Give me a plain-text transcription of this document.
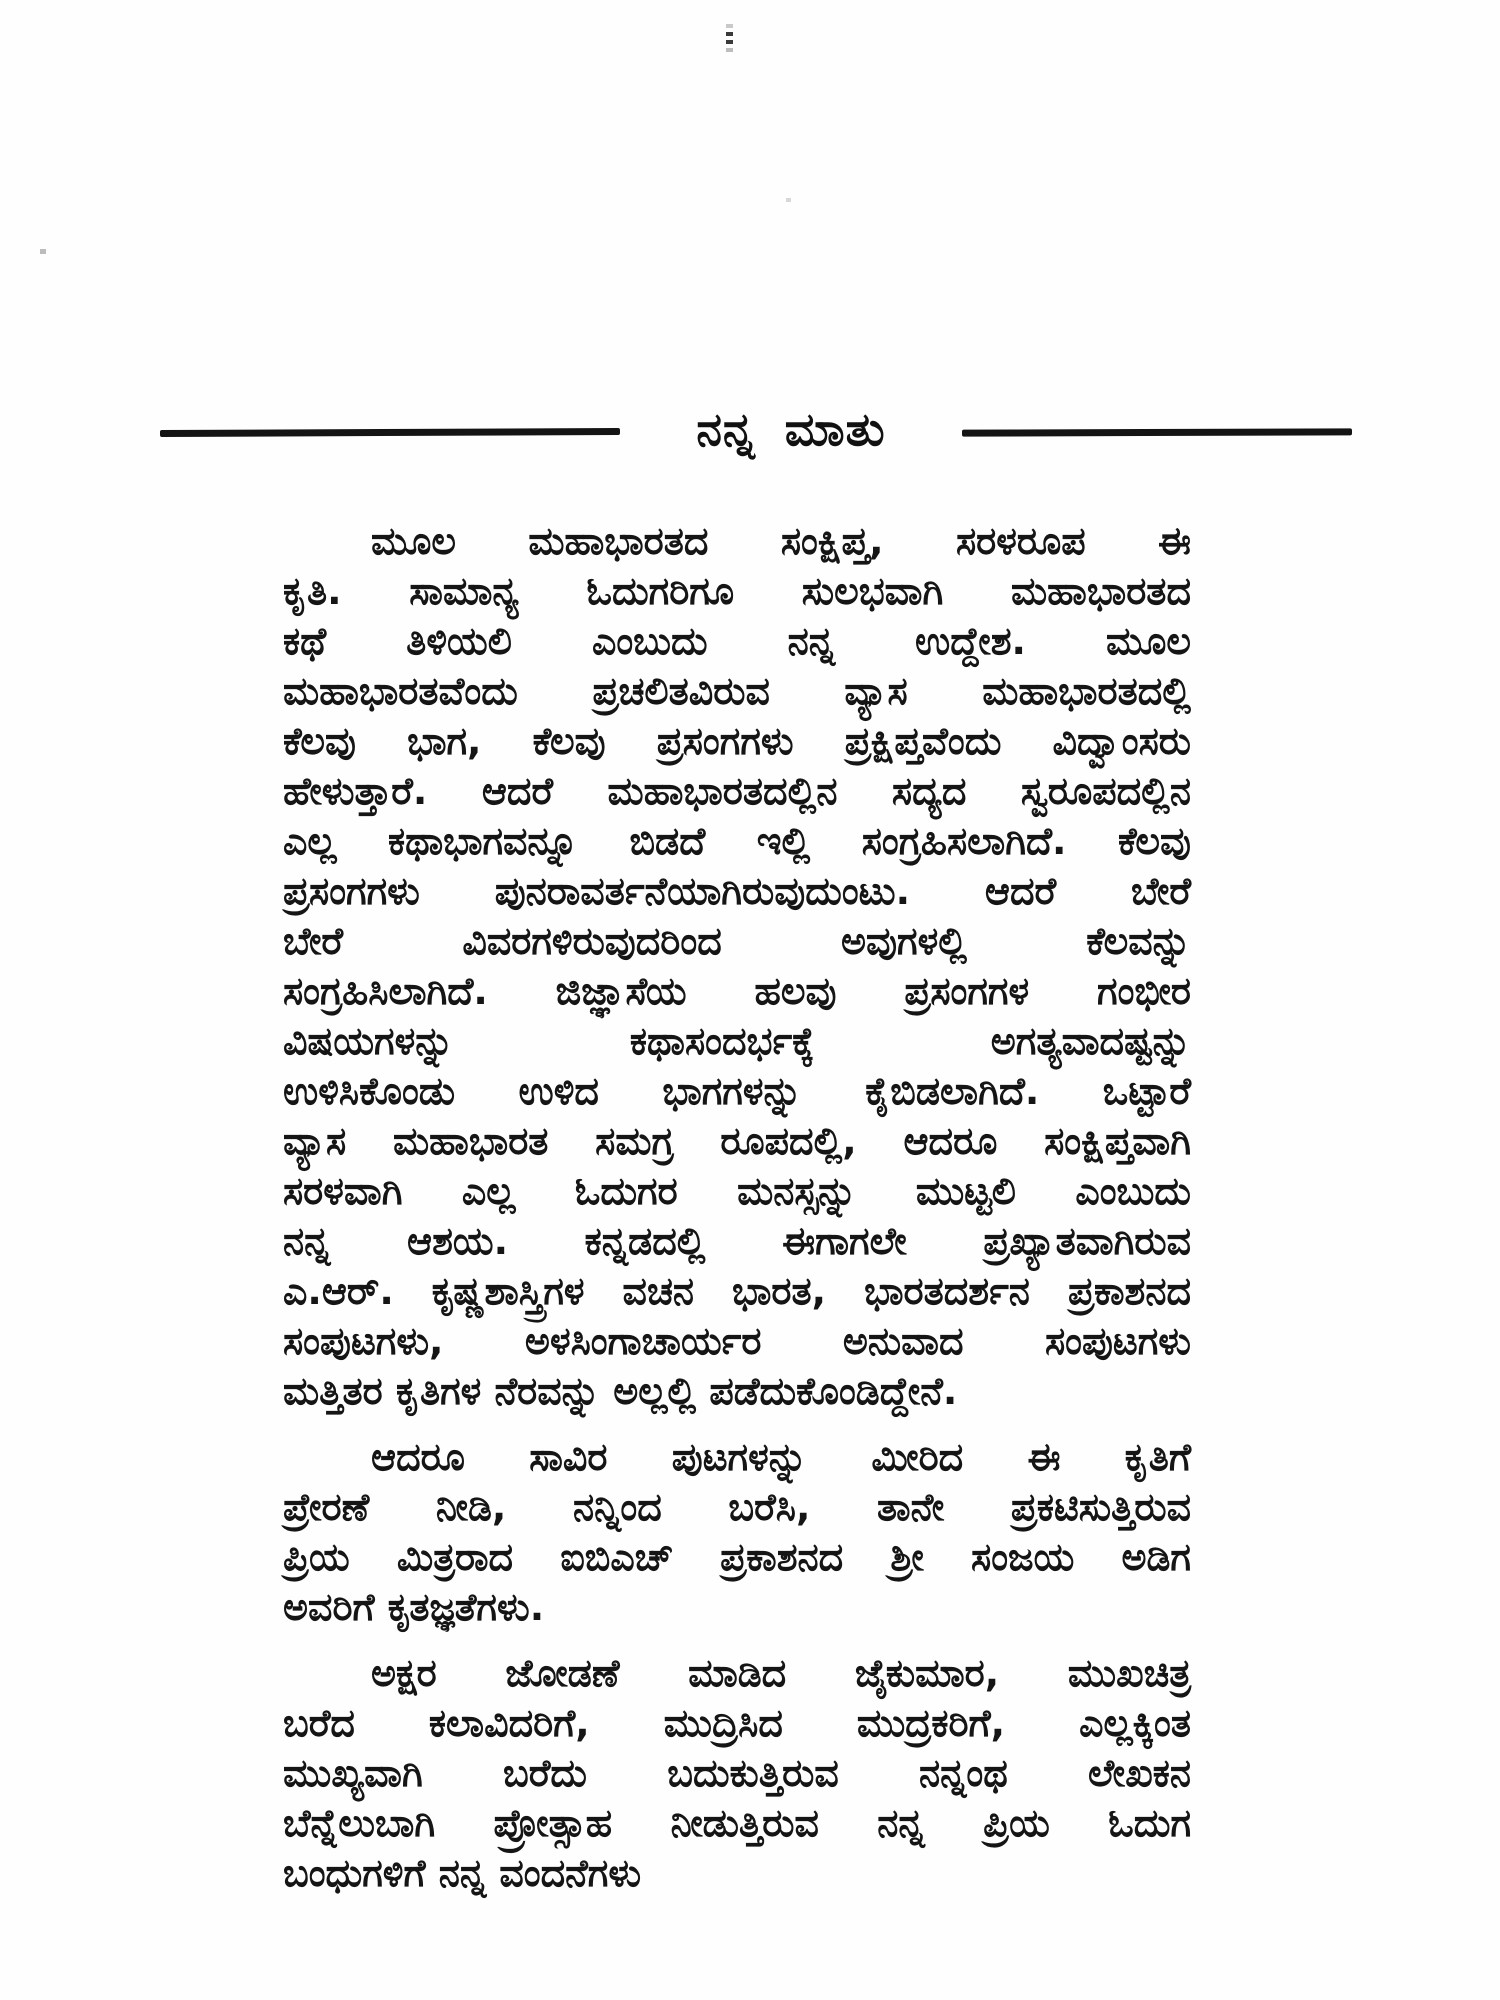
ನನ್ನ ಮಾತು
ಮೂಲ ಮಹಾಭಾರತದ ಸಂಕ್ಷಿಪ್ತ, ಸರಳರೂಪ ಈ
ಕೃತಿ. ಸಾಮಾನ್ಯ ಓದುಗರಿಗೂ ಸುಲಭವಾಗಿ ಮಹಾಭಾರತದ
ಕಥೆ ತಿಳಿಯಲಿ ಎಂಬುದು ನನ್ನ ಉದ್ದೇಶ. ಮೂಲ
ಮಹಾಭಾರತವೆಂದು ಪ್ರಚಲಿತವಿರುವ ವ್ಯಾಸ ಮಹಾಭಾರತದಲ್ಲಿ
ಕೆಲವು ಭಾಗ, ಕೆಲವು ಪ್ರಸಂಗಗಳು ಪ್ರಕ್ಷಿಪ್ತವೆಂದು ವಿದ್ವಾಂಸರು
ಹೇಳುತ್ತಾರೆ. ಆದರೆ ಮಹಾಭಾರತದಲ್ಲಿನ ಸದ್ಯದ ಸ್ವರೂಪದಲ್ಲಿನ
ಎಲ್ಲ ಕಥಾಭಾಗವನ್ನೂ ಬಿಡದೆ ಇಲ್ಲಿ ಸಂಗ್ರಹಿಸಲಾಗಿದೆ. ಕೆಲವು
ಪ್ರಸಂಗಗಳು ಪುನರಾವರ್ತನೆಯಾಗಿರುವುದುಂಟು. ಆದರೆ ಬೇರೆ
ಬೇರೆ ವಿವರಗಳಿರುವುದರಿಂದ ಅವುಗಳಲ್ಲಿ ಕೆಲವನ್ನು
ಸಂಗ್ರಹಿಸಿಲಾಗಿದೆ. ಜಿಜ್ಞಾಸೆಯ ಹಲವು ಪ್ರಸಂಗಗಳ ಗಂಭೀರ
ವಿಷಯಗಳನ್ನು ಕಥಾಸಂದರ್ಭಕ್ಕೆ ಅಗತ್ಯವಾದಷ್ಟನ್ನು
ಉಳಿಸಿಕೊಂಡು ಉಳಿದ ಭಾಗಗಳನ್ನು ಕೈಬಿಡಲಾಗಿದೆ. ಒಟ್ಟಾರೆ
ವ್ಯಾಸ ಮಹಾಭಾರತ ಸಮಗ್ರ ರೂಪದಲ್ಲಿ, ಆದರೂ ಸಂಕ್ಷಿಪ್ತವಾಗಿ
ಸರಳವಾಗಿ ಎಲ್ಲ ಓದುಗರ ಮನಸ್ಸನ್ನು ಮುಟ್ಟಲಿ ಎಂಬುದು
ನನ್ನ ಆಶಯ. ಕನ್ನಡದಲ್ಲಿ ಈಗಾಗಲೇ ಪ್ರಖ್ಯಾತವಾಗಿರುವ
ಎ.ಆರ್. ಕೃಷ್ಣಶಾಸ್ತ್ರಿಗಳ ವಚನ ಭಾರತ, ಭಾರತದರ್ಶನ ಪ್ರಕಾಶನದ
ಸಂಪುಟಗಳು, ಅಳಸಿಂಗಾಚಾರ್ಯರ ಅನುವಾದ ಸಂಪುಟಗಳು
ಮತ್ತಿತರ ಕೃತಿಗಳ ನೆರವನ್ನು ಅಲ್ಲಲ್ಲಿ ಪಡೆದುಕೊಂಡಿದ್ದೇನೆ.
ಆದರೂ ಸಾವಿರ ಪುಟಗಳನ್ನು ಮೀರಿದ ಈ ಕೃತಿಗೆ
ಪ್ರೇರಣೆ ನೀಡಿ, ನನ್ನಿಂದ ಬರೆಸಿ, ತಾನೇ ಪ್ರಕಟಿಸುತ್ತಿರುವ
ಪ್ರಿಯ ಮಿತ್ರರಾದ ಐಬಿಎಚ್ ಪ್ರಕಾಶನದ ಶ್ರೀ ಸಂಜಯ ಅಡಿಗ
ಅವರಿಗೆ ಕೃತಜ್ಞತೆಗಳು.
ಅಕ್ಷರ ಜೋಡಣೆ ಮಾಡಿದ ಜೈಕುಮಾರ, ಮುಖಚಿತ್ರ
ಬರೆದ ಕಲಾವಿದರಿಗೆ, ಮುದ್ರಿಸಿದ ಮುದ್ರಕರಿಗೆ, ಎಲ್ಲಕ್ಕಿಂತ
ಮುಖ್ಯವಾಗಿ ಬರೆದು ಬದುಕುತ್ತಿರುವ ನನ್ನಂಥ ಲೇಖಕನ
ಬೆನ್ನೆಲುಬಾಗಿ ಪ್ರೋತ್ಸಾಹ ನೀಡುತ್ತಿರುವ ನನ್ನ ಪ್ರಿಯ ಓದುಗ
ಬಂಧುಗಳಿಗೆ ನನ್ನ ವಂದನೆಗಳು
